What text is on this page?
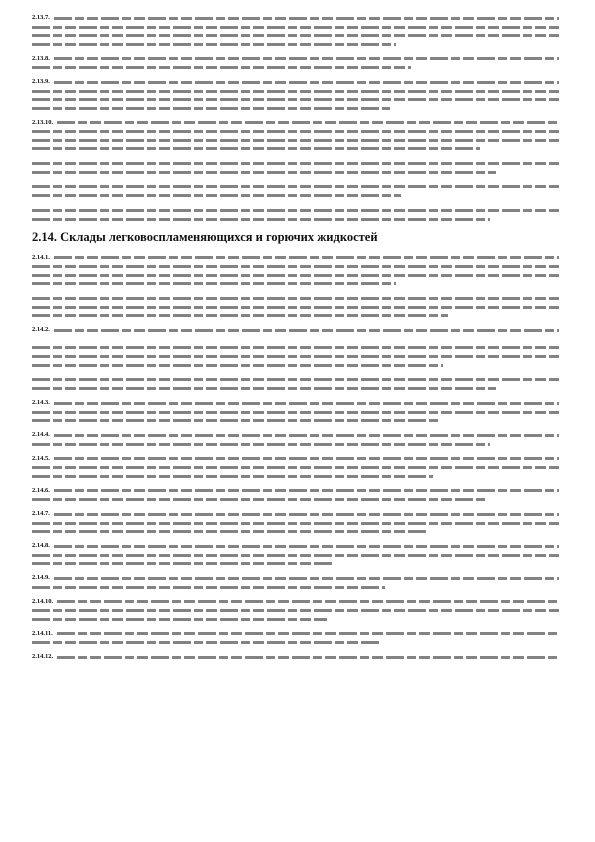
2.13.7.
2.13.8.
2.13.9.
2.13.10.
2.14. Склады легковоспламеняющихся и горючих жидкостей
2.14.1.
2.14.2.
2.14.3.
2.14.4.
2.14.5.
2.14.6.
2.14.7.
2.14.8.
2.14.9.
2.14.10.
2.14.11.
2.14.12.
